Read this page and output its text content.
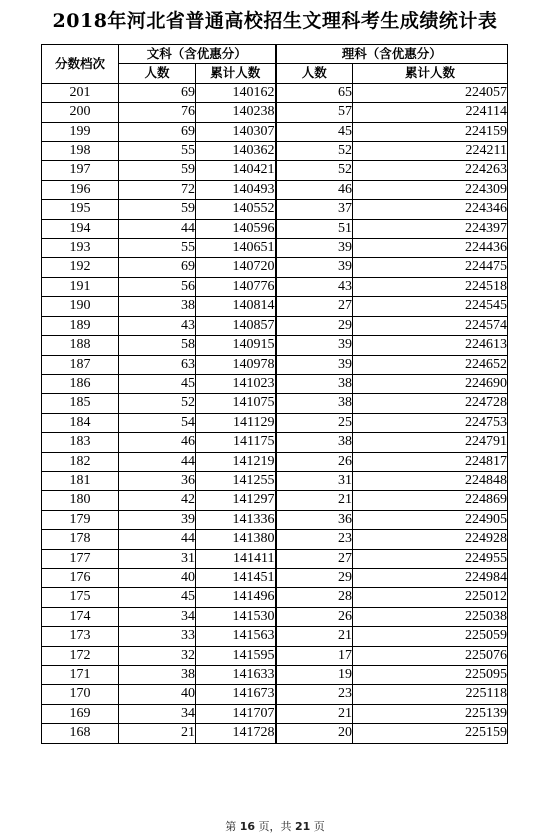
2018年河北省普通高校招生文理科考生成绩统计表
分数档次	文科（含优惠分）		理科（含优惠分）	
	人数	累计人数	人数	累计人数
201	69	140162	65	224057
200	76	140238	57	224114
199	69	140307	45	224159
198	55	140362	52	224211
197	59	140421	52	224263
196	72	140493	46	224309
195	59	140552	37	224346
194	44	140596	51	224397
193	55	140651	39	224436
192	69	140720	39	224475
191	56	140776	43	224518
190	38	140814	27	224545
189	43	140857	29	224574
188	58	140915	39	224613
187	63	140978	39	224652
186	45	141023	38	224690
185	52	141075	38	224728
184	54	141129	25	224753
183	46	141175	38	224791
182	44	141219	26	224817
181	36	141255	31	224848
180	42	141297	21	224869
179	39	141336	36	224905
178	44	141380	23	224928
177	31	141411	27	224955
176	40	141451	29	224984
175	45	141496	28	225012
174	34	141530	26	225038
173	33	141563	21	225059
172	32	141595	17	225076
171	38	141633	19	225095
170	40	141673	23	225118
169	34	141707	21	225139
168	21	141728	20	225159
第 16 页，共 21 页
